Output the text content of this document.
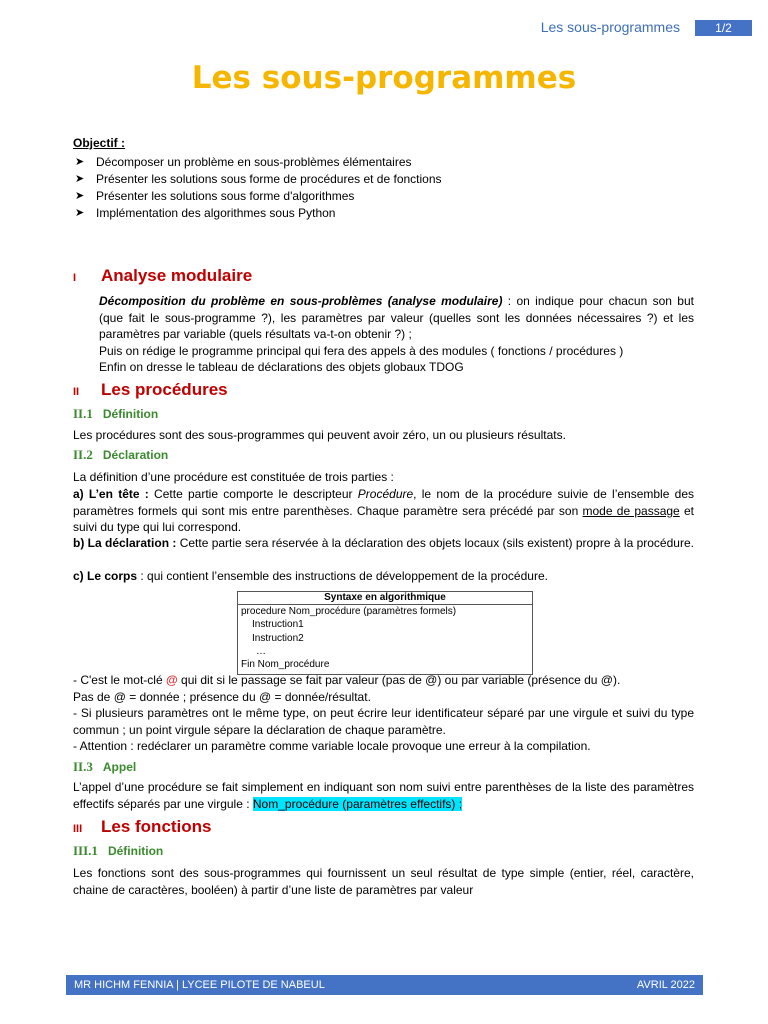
Les sous-programmes	1/2
Les sous-programmes
Objectif :
➤ Décomposer un problème en sous-problèmes élémentaires
➤ Présenter les solutions sous forme de procédures et de fonctions
➤ Présenter les solutions sous forme d'algorithmes
➤ Implémentation des algorithmes sous Python
I Analyse modulaire
Décomposition du problème en sous-problèmes (analyse modulaire) : on indique pour chacun son but (que fait le sous-programme ?), les paramètres par valeur (quelles sont les données nécessaires ?) et les paramètres par variable (quels résultats va-t-on obtenir ?) ;
Puis on rédige le programme principal qui fera des appels à des modules ( fonctions / procédures )
Enfin on dresse le tableau de déclarations des objets globaux TDOG
II Les procédures
II.1 Définition
Les procédures sont des sous-programmes qui peuvent avoir zéro, un ou plusieurs résultats.
II.2 Déclaration
La définition d’une procédure est constituée de trois parties :
a) L’en tête : Cette partie comporte le descripteur Procédure, le nom de la procédure suivie de l’ensemble des paramètres formels qui sont mis entre parenthèses. Chaque paramètre sera précédé par son mode de passage et suivi du type qui lui correspond.
b) La déclaration : Cette partie sera réservée à la déclaration des objets locaux (sils existent) propre à la procédure.
c) Le corps : qui contient l’ensemble des instructions de développement de la procédure.
Syntaxe en algorithmique
procedure Nom_procédure (paramètres formels)
Instruction1
Instruction2
…
Fin Nom_procédure
- C'est le mot-clé @ qui dit si le passage se fait par valeur (pas de @) ou par variable (présence du @).
Pas de @ = donnée ; présence du @ = donnée/résultat.
- Si plusieurs paramètres ont le même type, on peut écrire leur identificateur séparé par une virgule et suivi du type commun ; un point virgule sépare la déclaration de chaque paramètre.
- Attention : redéclarer un paramètre comme variable locale provoque une erreur à la compilation.
II.3 Appel
L’appel d’une procédure se fait simplement en indiquant son nom suivi entre parenthèses de la liste des paramètres effectifs séparés par une virgule : Nom_procédure (paramètres effectifs) ;
III Les fonctions
III.1 Définition
Les fonctions sont des sous-programmes qui fournissent un seul résultat de type simple (entier, réel, caractère, chaine de caractères, booléen) à partir d’une liste de paramètres par valeur
MR HICHM FENNIA | LYCEE PILOTE DE NABEUL	AVRIL 2022
